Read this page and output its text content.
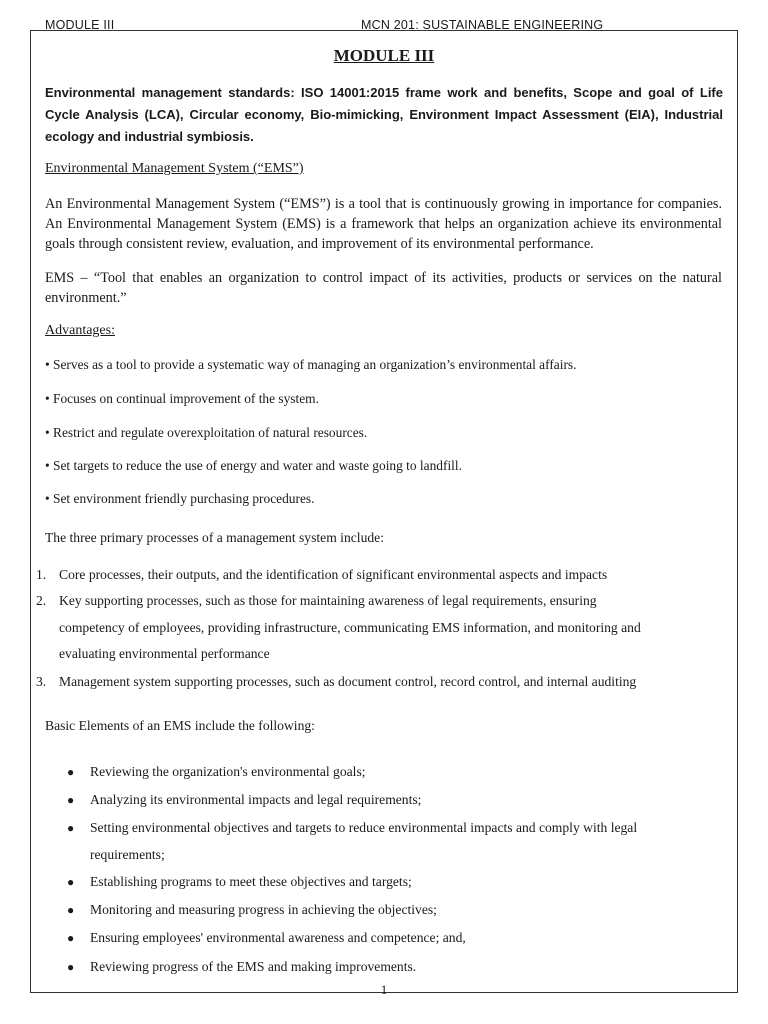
MODULE III	MCN 201: SUSTAINABLE ENGINEERING
MODULE III
Environmental management standards: ISO 14001:2015 frame work and benefits, Scope and goal of Life Cycle Analysis (LCA), Circular economy, Bio-mimicking, Environment Impact Assessment (EIA), Industrial ecology and industrial symbiosis.
Environmental Management System (“EMS”)
An Environmental Management System (“EMS”) is a tool that is continuously growing in importance for companies. An Environmental Management System (EMS) is a framework that helps an organization achieve its environmental goals through consistent review, evaluation, and improvement of its environmental performance.
EMS – “Tool that enables an organization to control impact of its activities, products or services on the natural environment.”
Advantages:
• Serves as a tool to provide a systematic way of managing an organization’s environmental affairs.
• Focuses on continual improvement of the system.
• Restrict and regulate overexploitation of natural resources.
• Set targets to reduce the use of energy and water and waste going to landfill.
• Set environment friendly purchasing procedures.
The three primary processes of a management system include:
1. Core processes, their outputs, and the identification of significant environmental aspects and impacts
2. Key supporting processes, such as those for maintaining awareness of legal requirements, ensuring
competency of employees, providing infrastructure, communicating EMS information, and monitoring and
evaluating environmental performance
3. Management system supporting processes, such as document control, record control, and internal auditing
Basic Elements of an EMS include the following:
● Reviewing the organization's environmental goals;
● Analyzing its environmental impacts and legal requirements;
● Setting environmental objectives and targets to reduce environmental impacts and comply with legal
requirements;
● Establishing programs to meet these objectives and targets;
● Monitoring and measuring progress in achieving the objectives;
● Ensuring employees' environmental awareness and competence; and,
● Reviewing progress of the EMS and making improvements.
1
